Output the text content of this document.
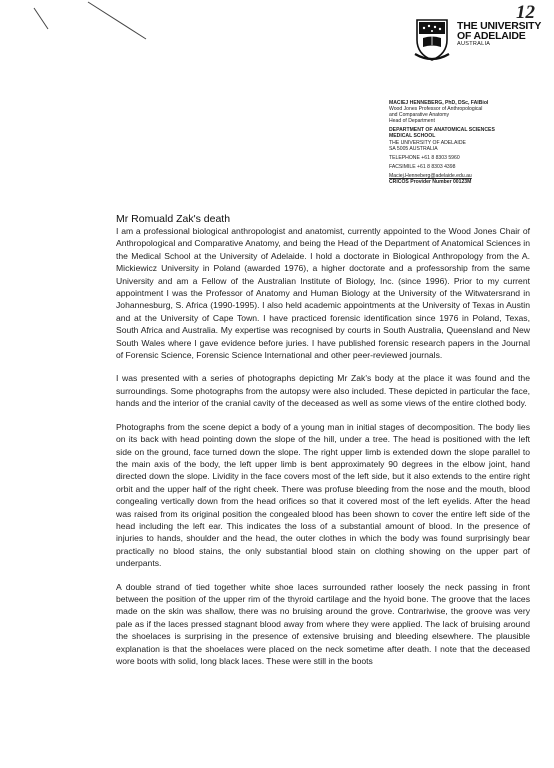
12
THE UNIVERSITY
OF ADELAIDE
AUSTRALIA
MACIEJ HENNEBERG, PhD, DSc, FAIBiol
Wood Jones Professor of Anthropological
and Comparative Anatomy
Head of Department
DEPARTMENT OF ANATOMICAL SCIENCES
MEDICAL SCHOOL
THE UNIVERSITY OF ADELAIDE
SA 5005 AUSTRALIA
TELEPHONE +61 8 8303 5960
FACSIMILE +61 8 8303 4398
Maciej.Henneberg@adelaide.edu.au
CRICOS Provider Number 00123M
Mr Romuald Zak's death

I am a professional biological anthropologist and anatomist, currently appointed to the Wood Jones Chair of Anthropological and Comparative Anatomy, and being the Head of the Department of Anatomical Sciences in the Medical School at the University of Adelaide. I hold a doctorate in Biological Anthropology from the A. Mickiewicz University in Poland (awarded 1976), a higher doctorate and a professorship from the same University and am a Fellow of the Australian Institute of Biology, Inc. (since 1996). Prior to my current appointment I was the Professor of Anatomy and Human Biology at the University of the Witwatersrand in Johannesburg, S. Africa (1990-1995). I also held academic appointments at the University of Texas in Austin and at the University of Cape Town. I have practiced forensic identification since 1976 in Poland, Texas, South Africa and Australia. My expertise was recognised by courts in South Australia, Queensland and New South Wales where I gave evidence before juries. I have published forensic research papers in the Journal of Forensic Science, Forensic Science International and other peer-reviewed journals.

I was presented with a series of photographs depicting Mr Zak's body at the place it was found and the surroundings. Some photographs from the autopsy were also included. These depicted in particular the face, hands and the interior of the cranial cavity of the deceased as well as some views of the entire clothed body.

Photographs from the scene depict a body of a young man in initial stages of decomposition. The body lies on its back with head pointing down the slope of the hill, under a tree. The head is positioned with the left side on the ground, face turned down the slope. The right upper limb is extended down the slope parallel to the main axis of the body, the left upper limb is bent approximately 90 degrees in the elbow joint, hand directed down the slope. Lividity in the face covers most of the left side, but it also extends to the entire right orbit and the upper half of the right cheek. There was profuse bleeding from the nose and the mouth, blood congealing vertically down from the head orifices so that it covered most of the left eyelids. After the head was raised from its original position the congealed blood has been shown to cover the entire left side of the head including the left ear. This indicates the loss of a substantial amount of blood. In the presence of injuries to hands, shoulder and the head, the outer clothes in which the body was found surprisingly bear practically no blood stains, the only substantial blood stain on clothing showing on the upper part of underpants.

A double strand of tied together white shoe laces surrounded rather loosely the neck passing in front between the position of the upper rim of the thyroid cartilage and the hyoid bone. The groove that the laces made on the skin was shallow, there was no bruising around the grove. Contrariwise, the groove was very pale as if the laces pressed stagnant blood away from where they were applied. The lack of bruising around the shoelaces is surprising in the presence of extensive bruising and bleeding elsewhere. The plausible explanation is that the shoelaces were placed on the neck sometime after death. I note that the deceased wore boots with solid, long black laces. These were still in the boots
